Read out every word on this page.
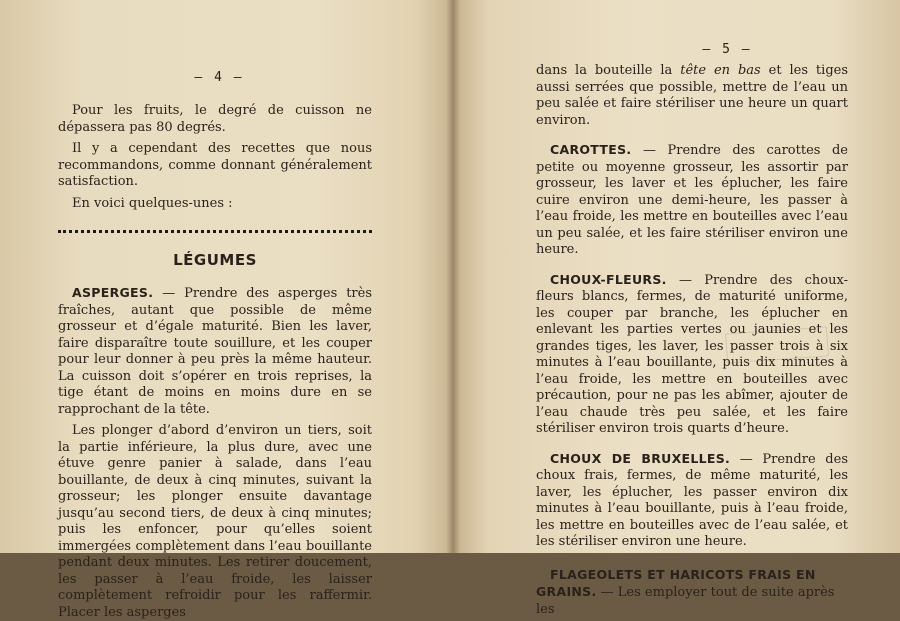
— 4 —

Pour les fruits, le degré de cuisson ne dépassera pas 80 degrés.

Il y a cependant des recettes que nous recommandons, comme donnant généralement satisfaction.

En voici quelques-unes :

LÉGUMES

ASPERGES. — Prendre des asperges très fraîches, autant que possible de même grosseur et d’égale maturité. Bien les laver, faire disparaître toute souillure, et les couper pour leur donner à peu près la même hauteur. La cuisson doit s’opérer en trois reprises, la tige étant de moins en moins dure en se rapprochant de la tête.

Les plonger d’abord d’environ un tiers, soit la partie inférieure, la plus dure, avec une étuve genre panier à salade, dans l’eau bouillante, de deux à cinq minutes, suivant la grosseur; les plonger ensuite davantage jusqu’au second tiers, de deux à cinq minutes; puis les enfoncer, pour qu’elles soient immergées complètement dans l’eau bouillante pendant deux minutes. Les retirer doucement, les passer à l’eau froide, les laisser complètement refroidir pour les raffermir. Placer les asperges

— 5 —

dans la bouteille la tête en bas et les tiges aussi serrées que possible, mettre de l’eau un peu salée et faire stériliser une heure un quart environ.

CAROTTES. — Prendre des carottes de petite ou moyenne grosseur, les assortir par grosseur, les laver et les éplucher, les faire cuire environ une demi-heure, les passer à l’eau froide, les mettre en bouteilles avec l’eau un peu salée, et les faire stériliser environ une heure.

CHOUX-FLEURS. — Prendre des choux-fleurs blancs, fermes, de maturité uniforme, les couper par branche, les éplucher en enlevant les parties vertes ou jaunies et les grandes tiges, les laver, les passer trois à six minutes à l’eau bouillante, puis dix minutes à l’eau froide, les mettre en bouteilles avec précaution, pour ne pas les abîmer, ajouter de l’eau chaude très peu salée, et les faire stériliser environ trois quarts d’heure.

CHOUX DE BRUXELLES. — Prendre des choux frais, fermes, de même maturité, les laver, les éplucher, les passer environ dix minutes à l’eau bouillante, puis à l’eau froide, les mettre en bouteilles avec de l’eau salée, et les stériliser environ une heure.

FLAGEOLETS ET HARICOTS FRAIS EN GRAINS. — Les employer tout de suite après les
